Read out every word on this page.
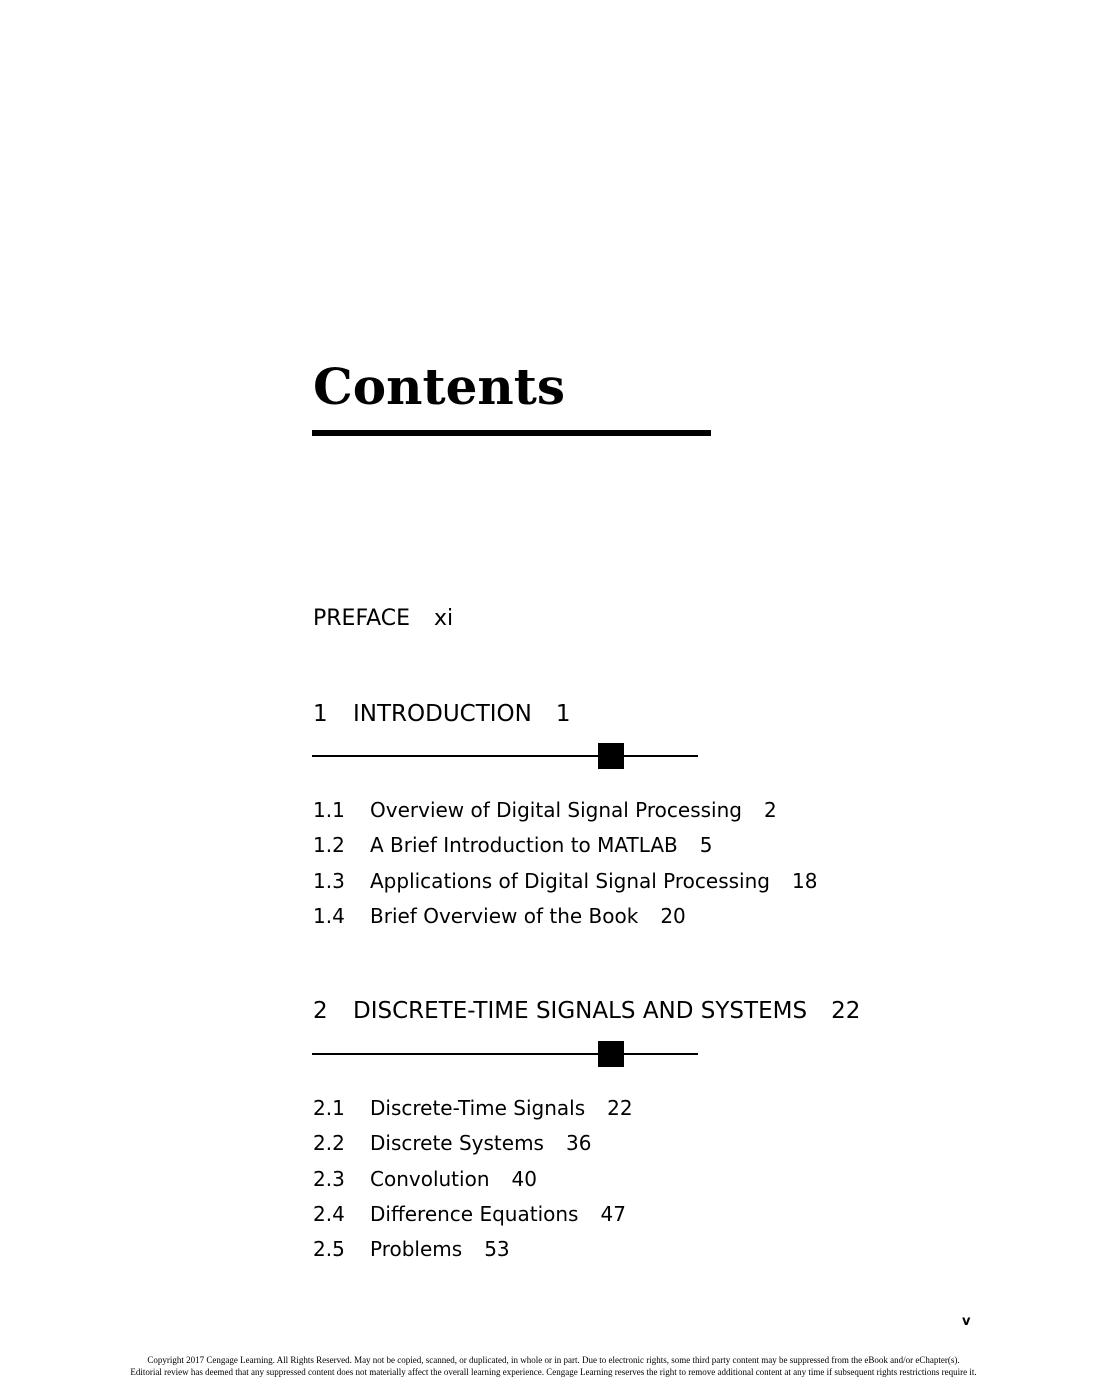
Contents
PREFACE xi
1 INTRODUCTION 1
1.1 Overview of Digital Signal Processing 2
1.2 A Brief Introduction to MATLAB 5
1.3 Applications of Digital Signal Processing 18
1.4 Brief Overview of the Book 20
2 DISCRETE-TIME SIGNALS AND SYSTEMS 22
2.1 Discrete-Time Signals 22
2.2 Discrete Systems 36
2.3 Convolution 40
2.4 Difference Equations 47
2.5 Problems 53
v
Copyright 2017 Cengage Learning. All Rights Reserved. May not be copied, scanned, or duplicated, in whole or in part. Due to electronic rights, some third party content may be suppressed from the eBook and/or eChapter(s).
Editorial review has deemed that any suppressed content does not materially affect the overall learning experience. Cengage Learning reserves the right to remove additional content at any time if subsequent rights restrictions require it.
